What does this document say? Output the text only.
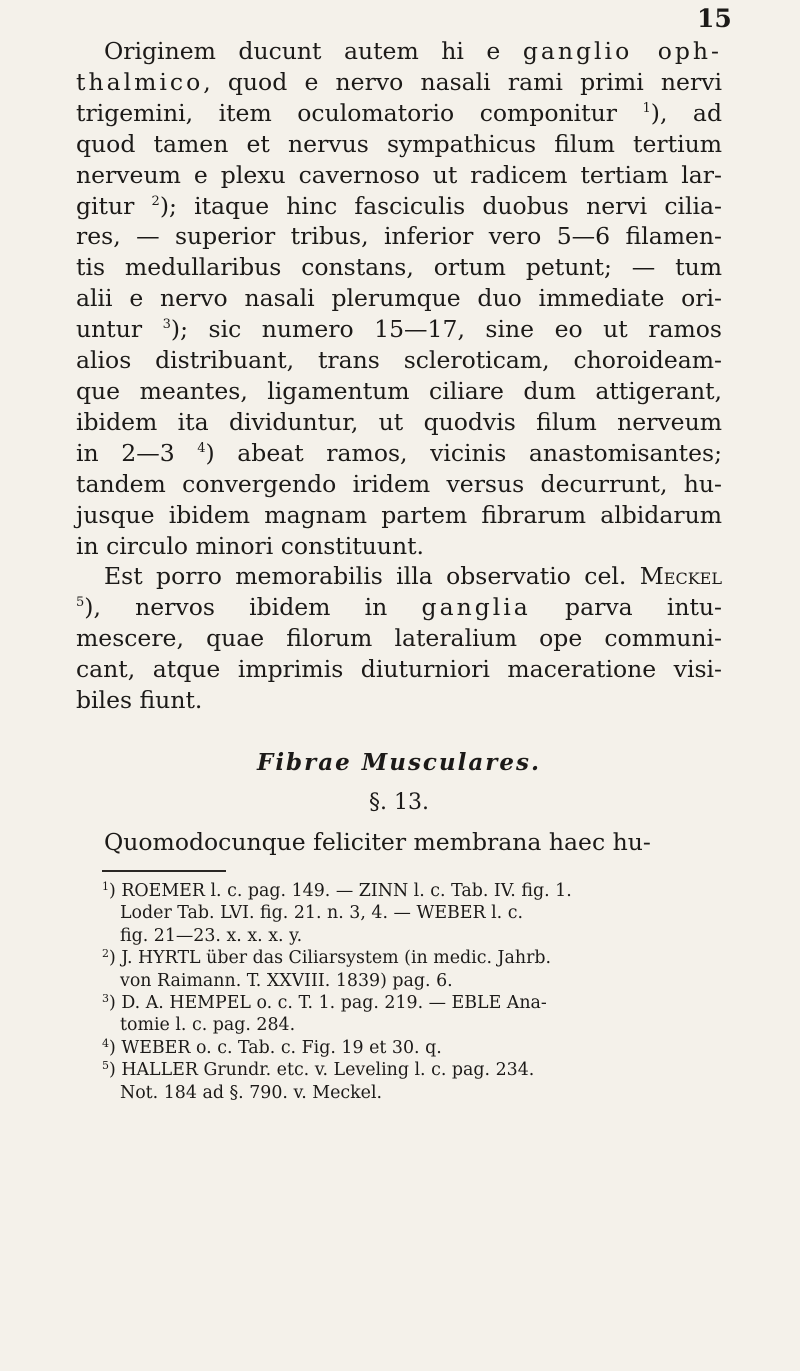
15
Originem ducunt autem hi e ganglio oph-
thalmico, quod e nervo nasali rami primi nervi
trigemini, item oculomatorio componitur $^1$), ad
quod tamen et nervus sympathicus filum tertium
nerveum e plexu cavernoso ut radicem tertiam lar-
gitur $^2$); itaque hinc fasciculis duobus nervi cilia-
res, — superior tribus, inferior vero 5—6 filamen-
tis medullaribus constans, ortum petunt; — tum
alii e nervo nasali plerumque duo immediate ori-
untur $^3$); sic numero 15—17, sine eo ut ramos
alios distribuant, trans scleroticam, choroideam-
que meantes, ligamentum ciliare dum attigerant,
ibidem ita dividuntur, ut quodvis filum nerveum
in 2—3 $^4$) abeat ramos, vicinis anastomisantes;
tandem convergendo iridem versus decurrunt, hu-
jusque ibidem magnam partem fibrarum albidarum
in circulo minori constituunt.
Est porro memorabilis illa observatio cel. Meckel
$^5$), nervos ibidem in ganglia parva intu-
mescere, quae filorum lateralium ope communi-
cant, atque imprimis diuturniori maceratione visi-
biles fiunt.
Fibrae Musculares.
§. 13.
Quomodocunque feliciter membrana haec hu-
$^1$) ROEMER l. c. pag. 149. — ZINN l. c. Tab. IV. fig. 1.
Loder Tab. LVI. fig. 21. n. 3, 4. — WEBER l. c.
fig. 21—23. x. x. x. y.
$^2$) J. HYRTL über das Ciliarsystem (in medic. Jahrb.
von Raimann. T. XXVIII. 1839) pag. 6.
$^3$) D. A. HEMPEL o. c. T. 1. pag. 219. — EBLE Ana-
tomie l. c. pag. 284.
$^4$) WEBER o. c. Tab. c. Fig. 19 et 30. q.
$^5$) HALLER Grundr. etc. v. Leveling l. c. pag. 234.
Not. 184 ad §. 790. v. Meckel.
